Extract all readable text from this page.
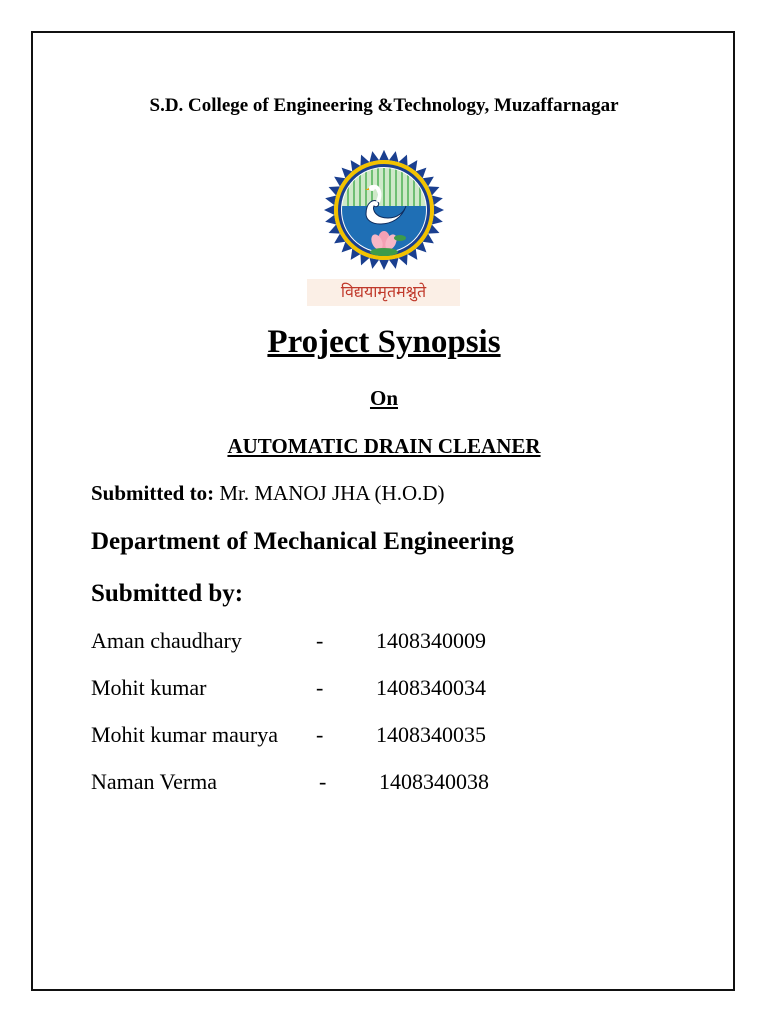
S.D. College of Engineering &Technology, Muzaffarnagar
विद्ययामृतमश्नुते
Project Synopsis
On
AUTOMATIC DRAIN CLEANER
Submitted to: Mr. MANOJ JHA (H.O.D)
Department of Mechanical Engineering
Submitted by:
Aman chaudhary	- 1408340009
Mohit kumar	- 1408340034
Mohit kumar maurya - 1408340035
Naman Verma	- 1408340038
